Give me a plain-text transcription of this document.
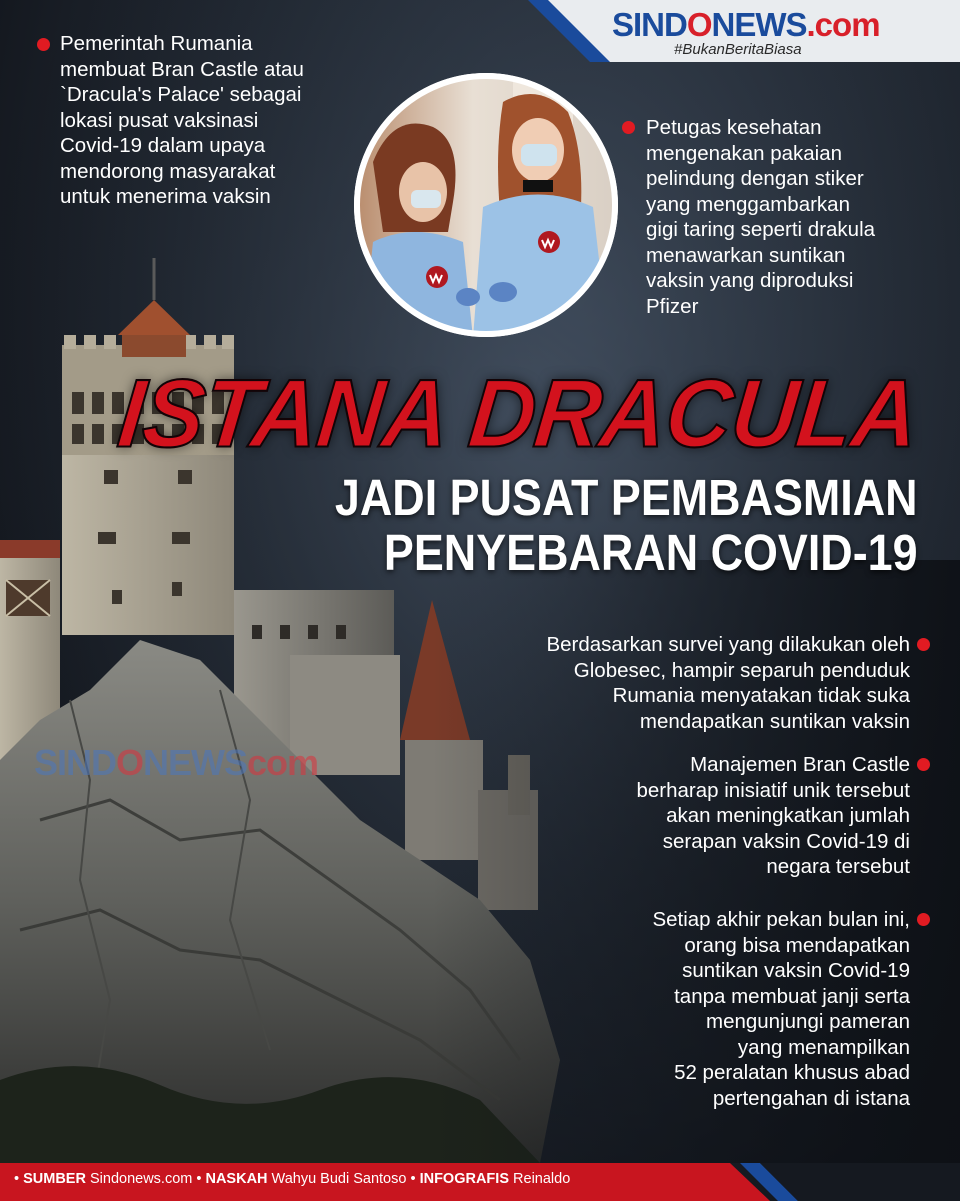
SINDONEWS.com
#BukanBeritaBiasa
Pemerintah Rumania
membuat Bran Castle atau
`Dracula's Palace' sebagai
lokasi pusat vaksinasi
Covid-19 dalam upaya
mendorong masyarakat
untuk menerima vaksin
Petugas kesehatan
mengenakan pakaian
pelindung dengan stiker
yang menggambarkan
gigi taring seperti drakula
menawarkan suntikan
vaksin yang diproduksi
Pfizer
ISTANA DRACULA
JADI PUSAT PEMBASMIAN
PENYEBARAN COVID-19
SINDONEWScom
Berdasarkan survei yang dilakukan oleh
Globesec, hampir separuh penduduk
Rumania menyatakan tidak suka
mendapatkan suntikan vaksin
Manajemen Bran Castle
berharap inisiatif unik tersebut
akan meningkatkan jumlah
serapan vaksin Covid-19 di
negara tersebut
Setiap akhir pekan bulan ini,
orang bisa mendapatkan
suntikan vaksin Covid-19
tanpa membuat janji serta
mengunjungi pameran
yang menampilkan
52 peralatan khusus abad
pertengahan di istana
• SUMBER Sindonews.com • NASKAH Wahyu Budi Santoso • INFOGRAFIS Reinaldo
